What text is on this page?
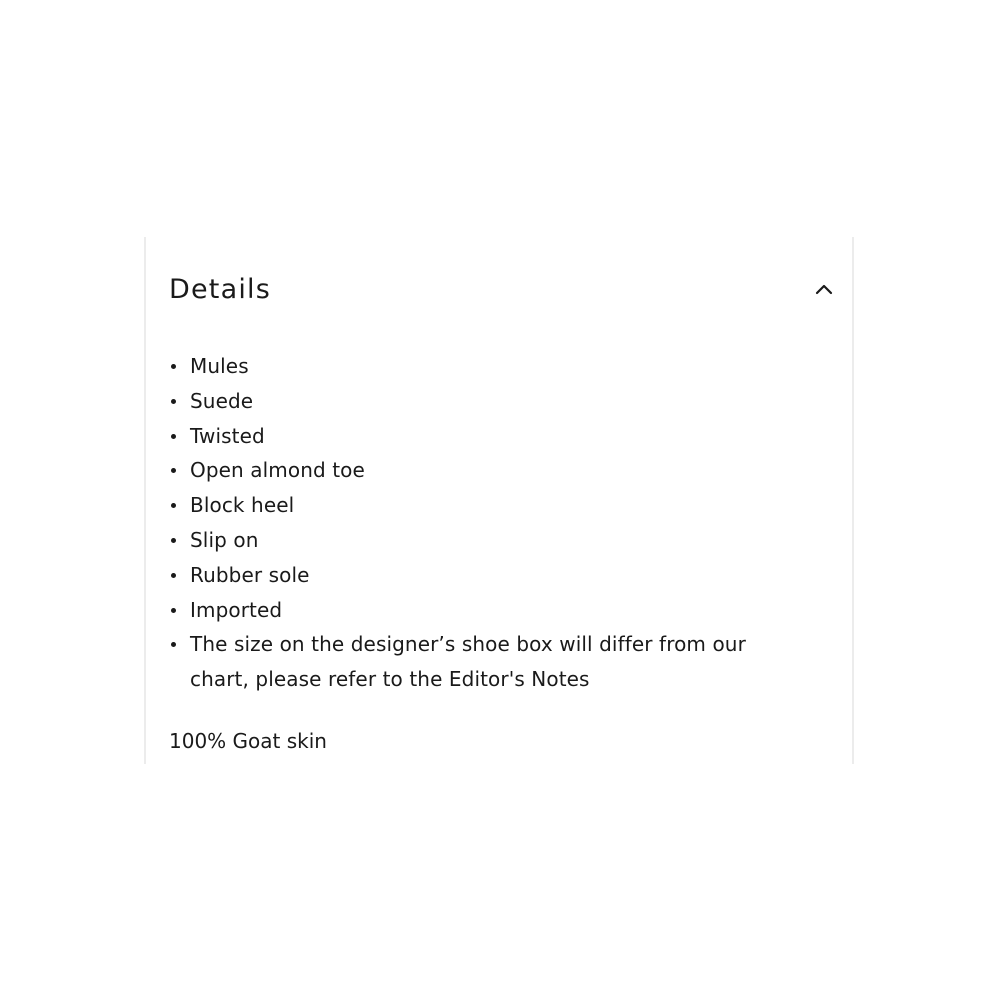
Details
Mules
Suede
Twisted
Open almond toe
Block heel
Slip on
Rubber sole
Imported
The size on the designer’s shoe box will differ from our chart, please refer to the Editor's Notes
100% Goat skin
